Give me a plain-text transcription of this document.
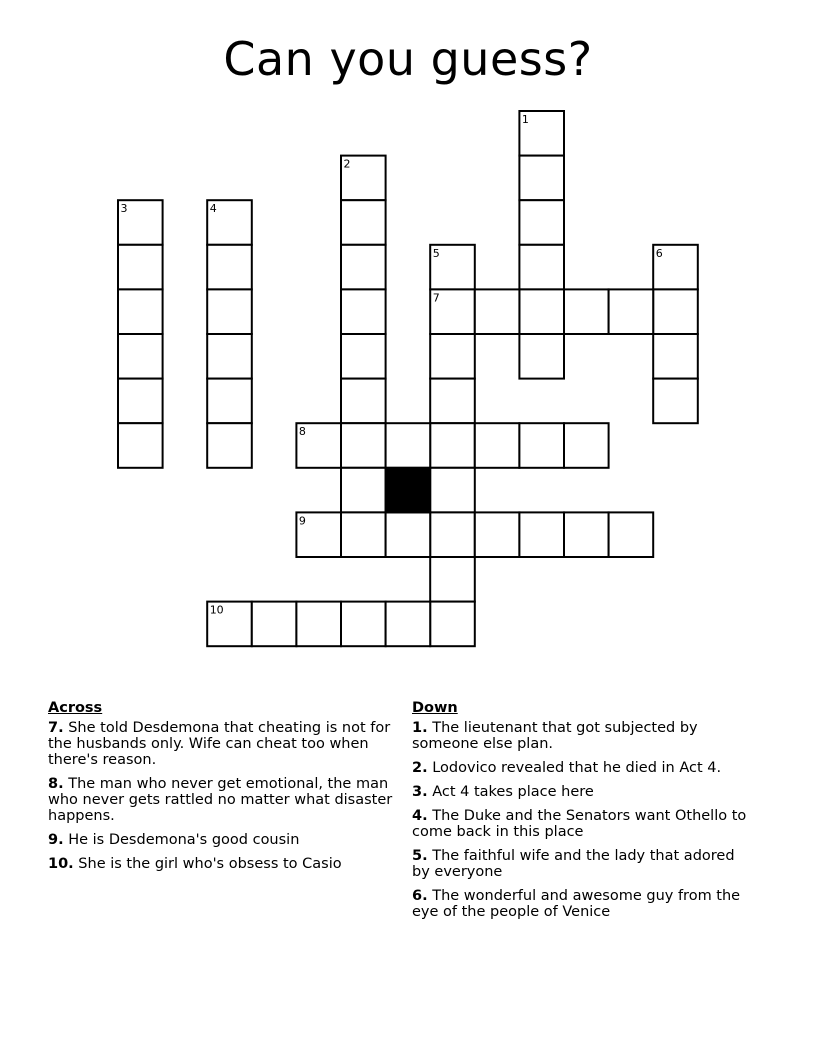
Can you guess?
1
2
3	4
5	6
7
8
9
10
Across
7. She told Desdemona that cheating is not for the husbands only. Wife can cheat too when there's reason.
8. The man who never get emotional, the man who never gets rattled no matter what disaster happens.
9. He is Desdemona's good cousin
10. She is the girl who's obsess to Casio
Down
1. The lieutenant that got subjected by someone else plan.
2. Lodovico revealed that he died in Act 4.
3. Act 4 takes place here
4. The Duke and the Senators want Othello to come back in this place
5. The faithful wife and the lady that adored by everyone
6. The wonderful and awesome guy from the eye of the people of Venice
